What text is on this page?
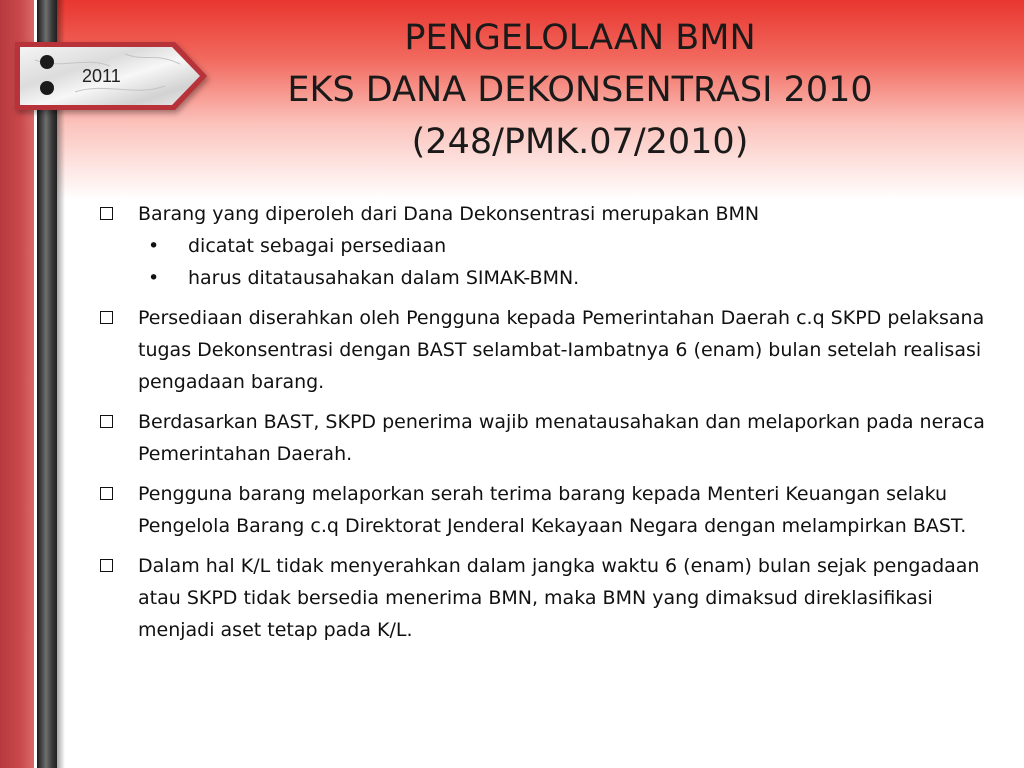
2011
PENGELOLAAN BMN
EKS DANA DEKONSENTRASI 2010
(248/PMK.07/2010)
Barang yang diperoleh dari Dana Dekonsentrasi merupakan BMN
• dicatat sebagai persediaan
• harus ditatausahakan dalam SIMAK-BMN.
Persediaan diserahkan oleh Pengguna kepada Pemerintahan Daerah c.q SKPD pelaksana tugas Dekonsentrasi dengan BAST selambat-Iambatnya 6 (enam) bulan setelah realisasi pengadaan barang.
Berdasarkan BAST, SKPD penerima wajib menatausahakan dan melaporkan pada neraca Pemerintahan Daerah.
Pengguna barang melaporkan serah terima barang kepada Menteri Keuangan selaku Pengelola Barang c.q Direktorat Jenderal Kekayaan Negara dengan melampirkan BAST.
Dalam hal K/L tidak menyerahkan dalam jangka waktu 6 (enam) bulan sejak pengadaan atau SKPD tidak bersedia menerima BMN, maka BMN yang dimaksud direklasifikasi menjadi aset tetap pada K/L.
